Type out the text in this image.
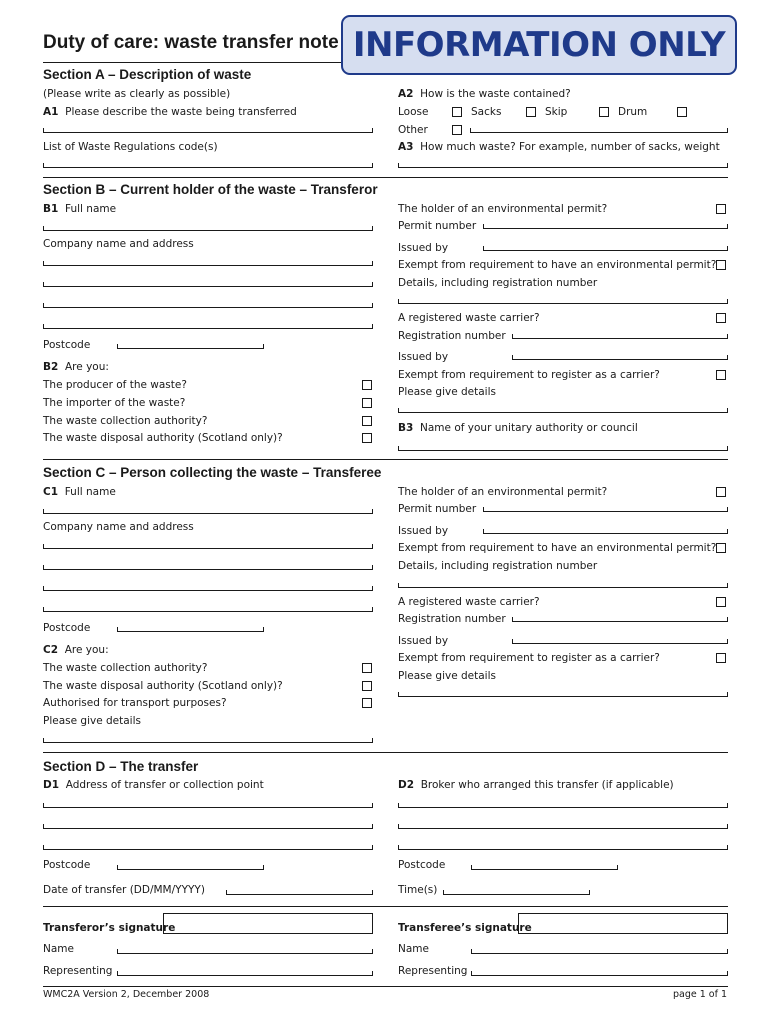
Duty of care: waste transfer note INFORMATION ONLY
Section A – Description of waste
(Please write as clearly as possible)
A1 Please describe the waste being transferred
List of Waste Regulations code(s)
A2 How is the waste contained?
Loose	Sacks	Skip	Drum
Other
A3 How much waste? For example, number of sacks, weight
Section B – Current holder of the waste – Transferor
B1 Full name
Company name and address
Postcode
B2 Are you:
The producer of the waste?
The importer of the waste?
The waste collection authority?
The waste disposal authority (Scotland only)?
The holder of an environmental permit?
Permit number
Issued by
Exempt from requirement to have an environmental permit?
Details, including registration number
A registered waste carrier?
Registration number
Issued by
Exempt from requirement to register as a carrier?
Please give details
B3 Name of your unitary authority or council
Section C – Person collecting the waste – Transferee
C1 Full name
Company name and address
Postcode
C2 Are you:
The waste collection authority?
The waste disposal authority (Scotland only)?
Authorised for transport purposes?
Please give details
The holder of an environmental permit?
Permit number
Issued by
Exempt from requirement to have an environmental permit?
Details, including registration number
A registered waste carrier?
Registration number
Issued by
Exempt from requirement to register as a carrier?
Please give details
Section D – The transfer
D1 Address of transfer or collection point
Postcode
Date of transfer (DD/MM/YYYY)
D2 Broker who arranged this transfer (if applicable)
Postcode
Time(s)
Transferor’s signature
Name
Representing
Transferee’s signature
Name
Representing
WMC2A Version 2, December 2008	page 1 of 1
